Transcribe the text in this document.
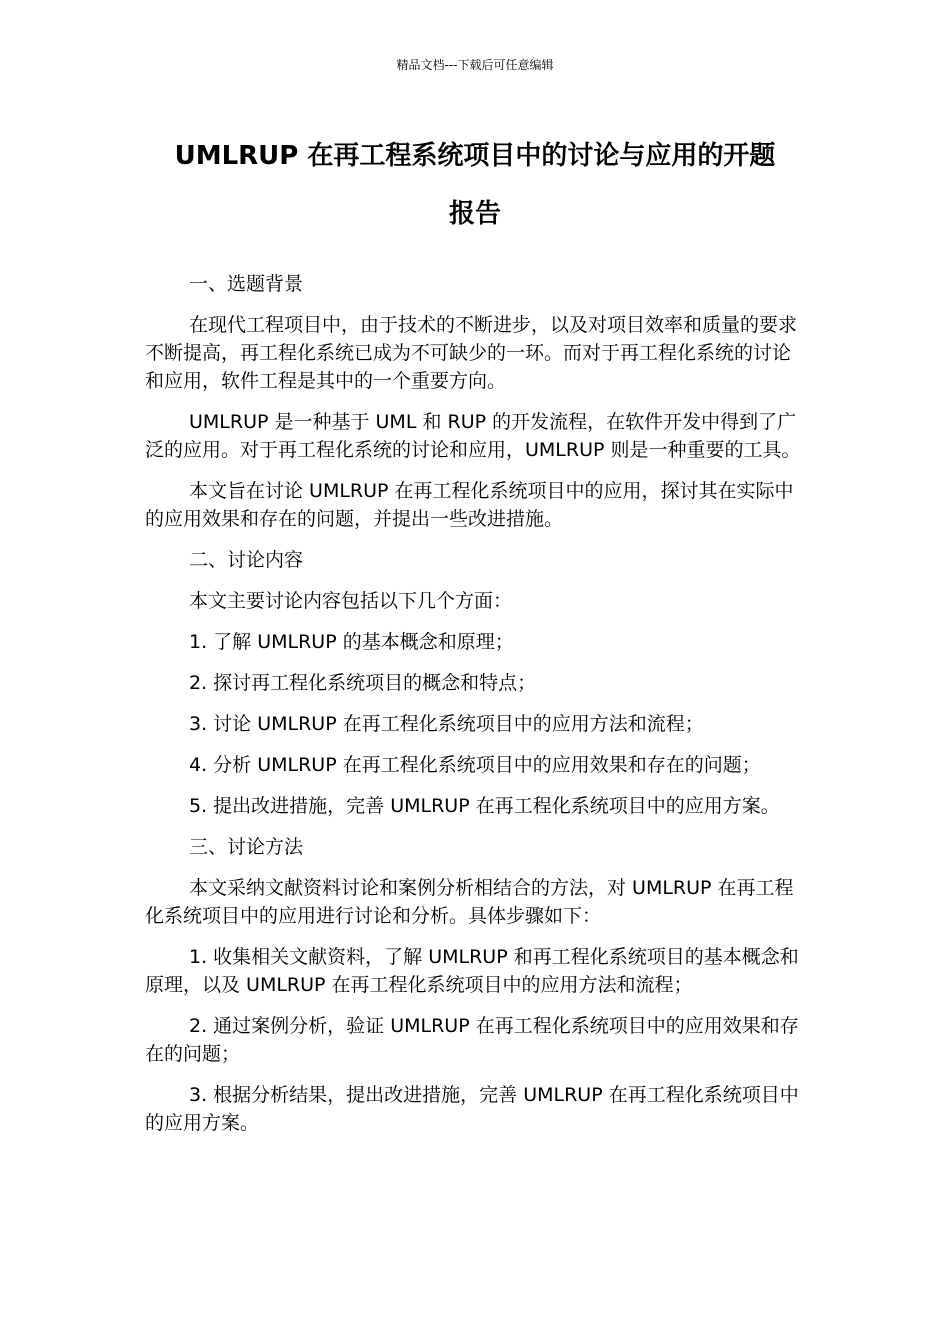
精品文档---下载后可任意编辑
UMLRUP 在再工程系统项目中的讨论与应用的开题
报告

一、选题背景

在现代工程项目中，由于技术的不断进步，以及对项目效率和质量的要求不断提高，再工程化系统已成为不可缺少的一环。而对于再工程化系统的讨论和应用，软件工程是其中的一个重要方向。

UMLRUP 是一种基于 UML 和 RUP 的开发流程，在软件开发中得到了广泛的应用。对于再工程化系统的讨论和应用，UMLRUP 则是一种重要的工具。

本文旨在讨论 UMLRUP 在再工程化系统项目中的应用，探讨其在实际中的应用效果和存在的问题，并提出一些改进措施。

二、讨论内容

本文主要讨论内容包括以下几个方面：

1. 了解 UMLRUP 的基本概念和原理；

2. 探讨再工程化系统项目的概念和特点；

3. 讨论 UMLRUP 在再工程化系统项目中的应用方法和流程；

4. 分析 UMLRUP 在再工程化系统项目中的应用效果和存在的问题；

5. 提出改进措施，完善 UMLRUP 在再工程化系统项目中的应用方案。

三、讨论方法

本文采纳文献资料讨论和案例分析相结合的方法，对 UMLRUP 在再工程化系统项目中的应用进行讨论和分析。具体步骤如下：

1. 收集相关文献资料，了解 UMLRUP 和再工程化系统项目的基本概念和原理，以及 UMLRUP 在再工程化系统项目中的应用方法和流程；

2. 通过案例分析，验证 UMLRUP 在再工程化系统项目中的应用效果和存在的问题；

3. 根据分析结果，提出改进措施，完善 UMLRUP 在再工程化系统项目中的应用方案。
